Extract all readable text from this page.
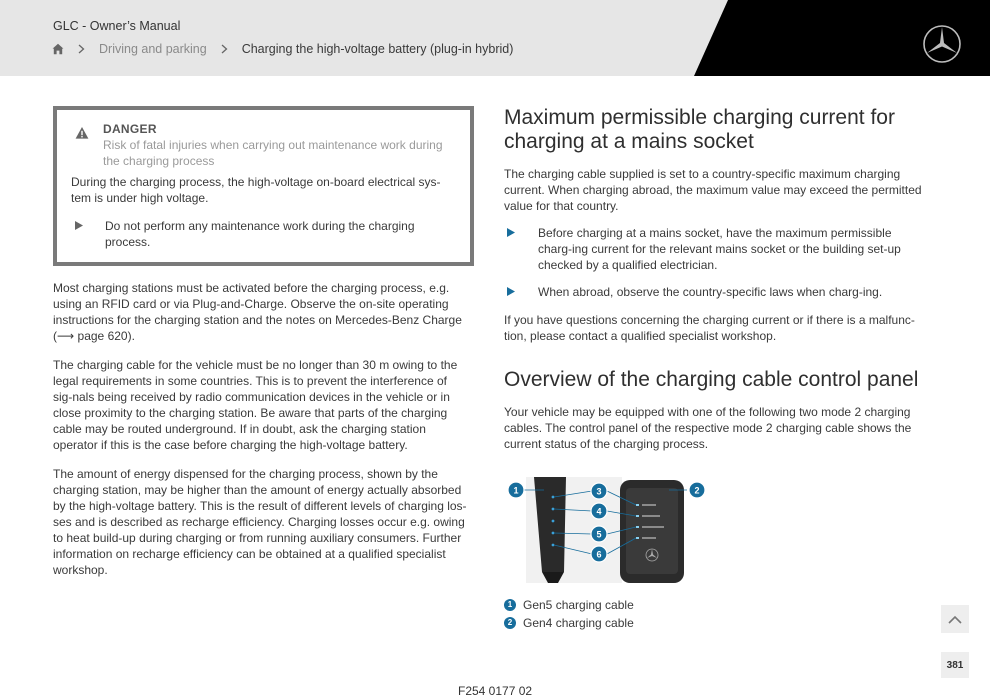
GLC - Owner’s Manual
Driving and parking	Charging the high-voltage battery (plug-in hybrid)
DANGER
Risk of fatal injuries when carrying out maintenance work during the charging process
During the charging process, the high-voltage on-board electrical sys-tem is under high voltage.
Do not perform any maintenance work during the charging process.

Most charging stations must be activated before the charging process, e.g. using an RFID card or via Plug-and-Charge. Observe the on-site operating instructions for the charging station and the notes on Mercedes-Benz Charge (⟶ page 620).

The charging cable for the vehicle must be no longer than 30 m owing to the legal requirements in some countries. This is to prevent the interference of sig-nals being received by radio communication devices in the vehicle or in close proximity to the charging station. Be aware that parts of the charging cable may be routed underground. If in doubt, ask the charging station operator if this is the case before charging the high-voltage battery.

The amount of energy dispensed for the charging process, shown by the charging station, may be higher than the amount of energy actually absorbed by the high-voltage battery. This is the result of different levels of charging los-ses and is described as recharge efficiency. Charging losses occur e.g. owing to heat build-up during charging or from running auxiliary consumers. Further information on recharge efficiency can be obtained at a qualified specialist workshop.

Maximum permissible charging current for charging at a mains socket

The charging cable supplied is set to a country-specific maximum charging current. When charging abroad, the maximum value may exceed the permitted value for that country.

Before charging at a mains socket, have the maximum permissible charg-ing current for the relevant mains socket or the building set-up checked by a qualified electrician.
When abroad, observe the country-specific laws when charg-ing.

If you have questions concerning the charging current or if there is a malfunc-tion, please contact a qualified specialist workshop.

Overview of the charging cable control panel

Your vehicle may be equipped with one of the following two mode 2 charging cables. The control panel of the respective mode 2 charging cable shows the current status of the charging process.

1	2
3
4
5
6
1 Gen5 charging cable
2 Gen4 charging cable
381
F254 0177 02
